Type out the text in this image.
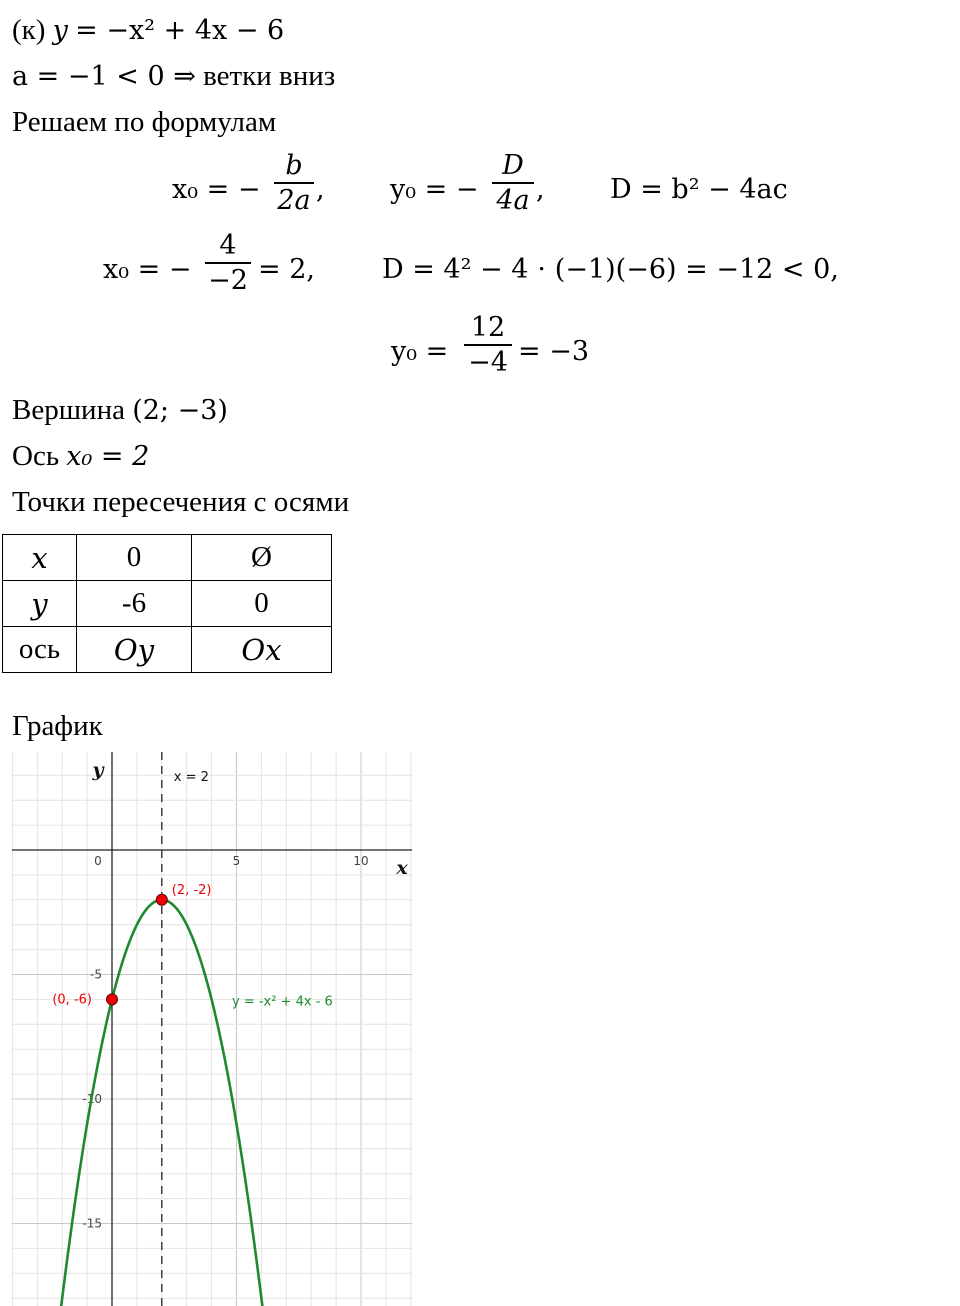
(к) y = −x² + 4x − 6
a = −1 < 0 ⇒ ветки вниз
Решаем по формулам
x₀ = −
b
2a , y₀ = −
D
4a , D = b² − 4ac
x₀ = −
4
−2 = 2, D = 4² − 4 ⋅ (−1)(−6) = −12 < 0,
y₀ =
12
−4 = −3
Вершина (2; −3)
Ось x₀ = 2
Точки пересечения с осями
x	0	Ø
y	-6	0
ось	Oy	Ox
График
x
y
0	5	10
-5
-10
-15
x = 2
y = -x² + 4x - 6
(2, -2)
(0, -6)
